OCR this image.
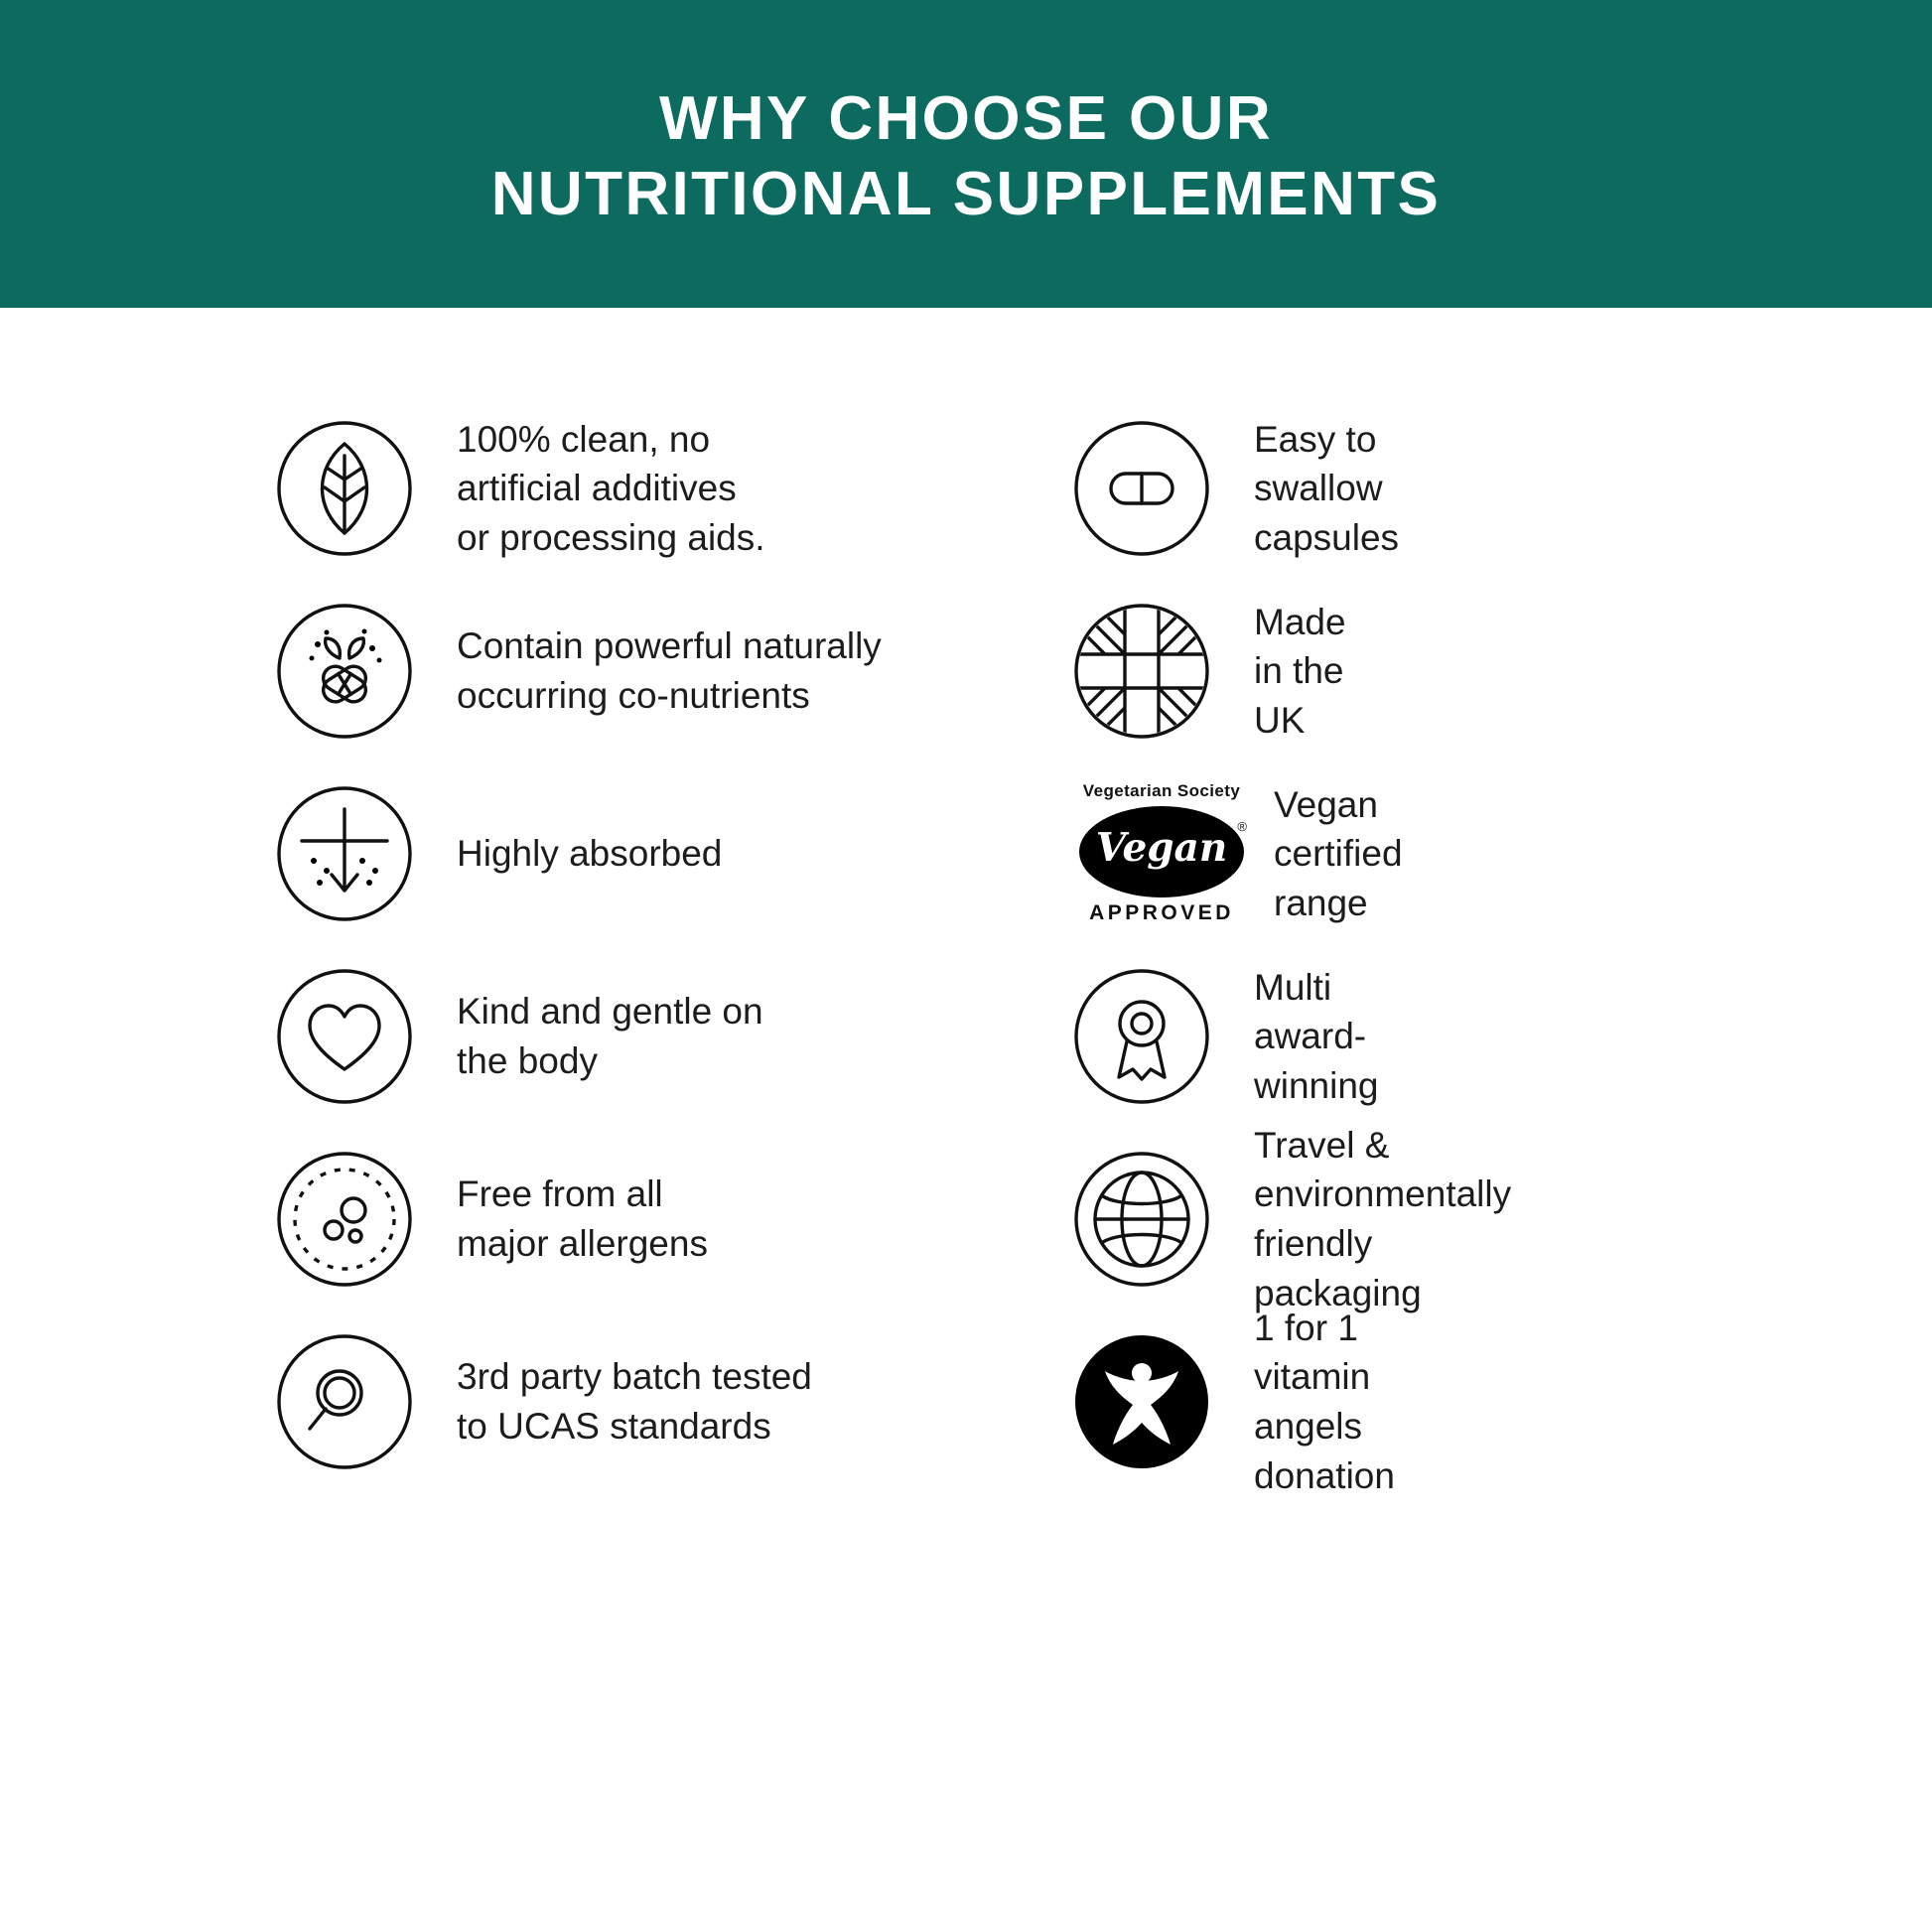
WHY CHOOSE OUR
NUTRITIONAL SUPPLEMENTS
100% clean, no
artificial additives
or processing aids.
Contain powerful naturally
occurring co-nutrients
Highly absorbed
Kind and gentle on
the body
Free from all
major allergens
3rd party batch tested
to UCAS standards
Easy to swallow
capsules
Made in the UK
Vegetarian Society
Vegan ®
APPROVED
Vegan certified
range
Multi award-winning
Travel & environmentally
friendly packaging
1 for 1 vitamin
angels donation
